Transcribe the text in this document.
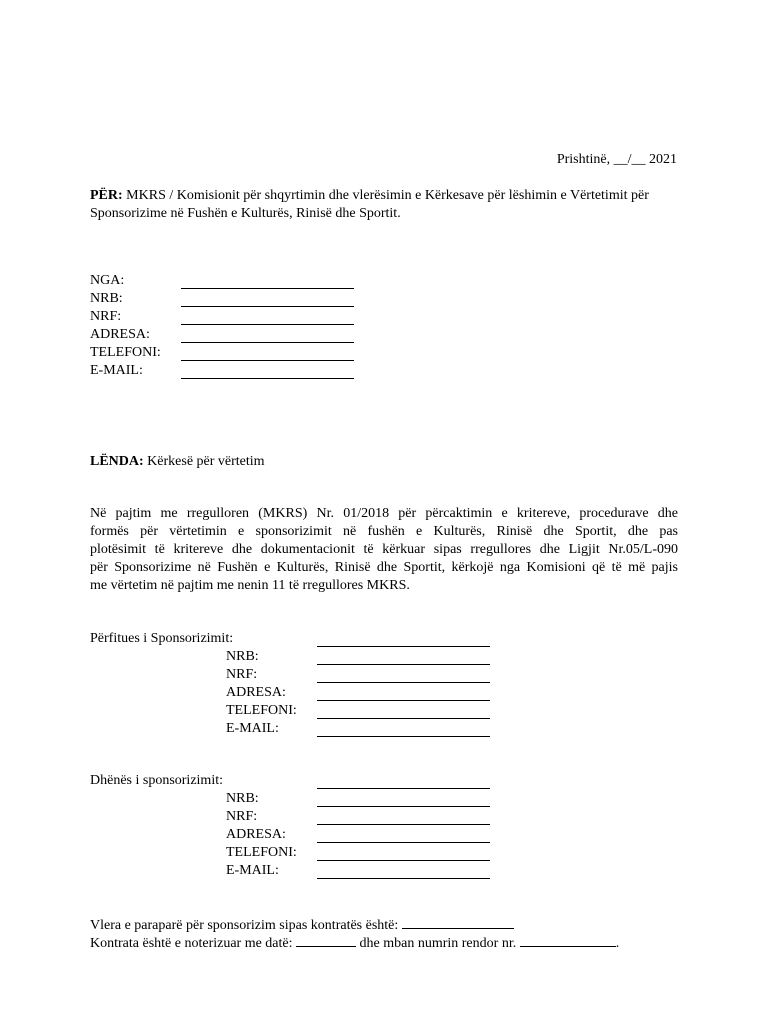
Prishtinë, __/__ 2021
PËR: MKRS / Komisionit për shqyrtimin dhe vlerësimin e Kërkesave për lëshimin e Vërtetimit për Sponsorizime në Fushën e Kulturës, Rinisë dhe Sportit.
NGA:
NRB:
NRF:
ADRESA:
TELEFONI:
E-MAIL:
LËNDA: Kërkesë për vërtetim
Në pajtim me rregulloren (MKRS) Nr. 01/2018 për përcaktimin e kritereve, procedurave dhe
formës për vërtetimin e sponsorizimit në fushën e Kulturës, Rinisë dhe Sportit, dhe pas
plotësimit të kritereve dhe dokumentacionit të kërkuar sipas rregullores dhe Ligjit Nr.05/L-090
për Sponsorizime në Fushën e Kulturës, Rinisë dhe Sportit, kërkojë nga Komisioni që të më pajis
me vërtetim në pajtim me nenin 11 të rregullores MKRS.
Përfitues i Sponsorizimit:
NRB:
NRF:
ADRESA:
TELEFONI:
E-MAIL:
Dhënës i sponsorizimit:
NRB:
NRF:
ADRESA:
TELEFONI:
E-MAIL:
Vlera e paraparë për sponsorizim sipas kontratës është:
Kontrata është e noterizuar me datë:	dhe mban numrin rendor nr.	.
